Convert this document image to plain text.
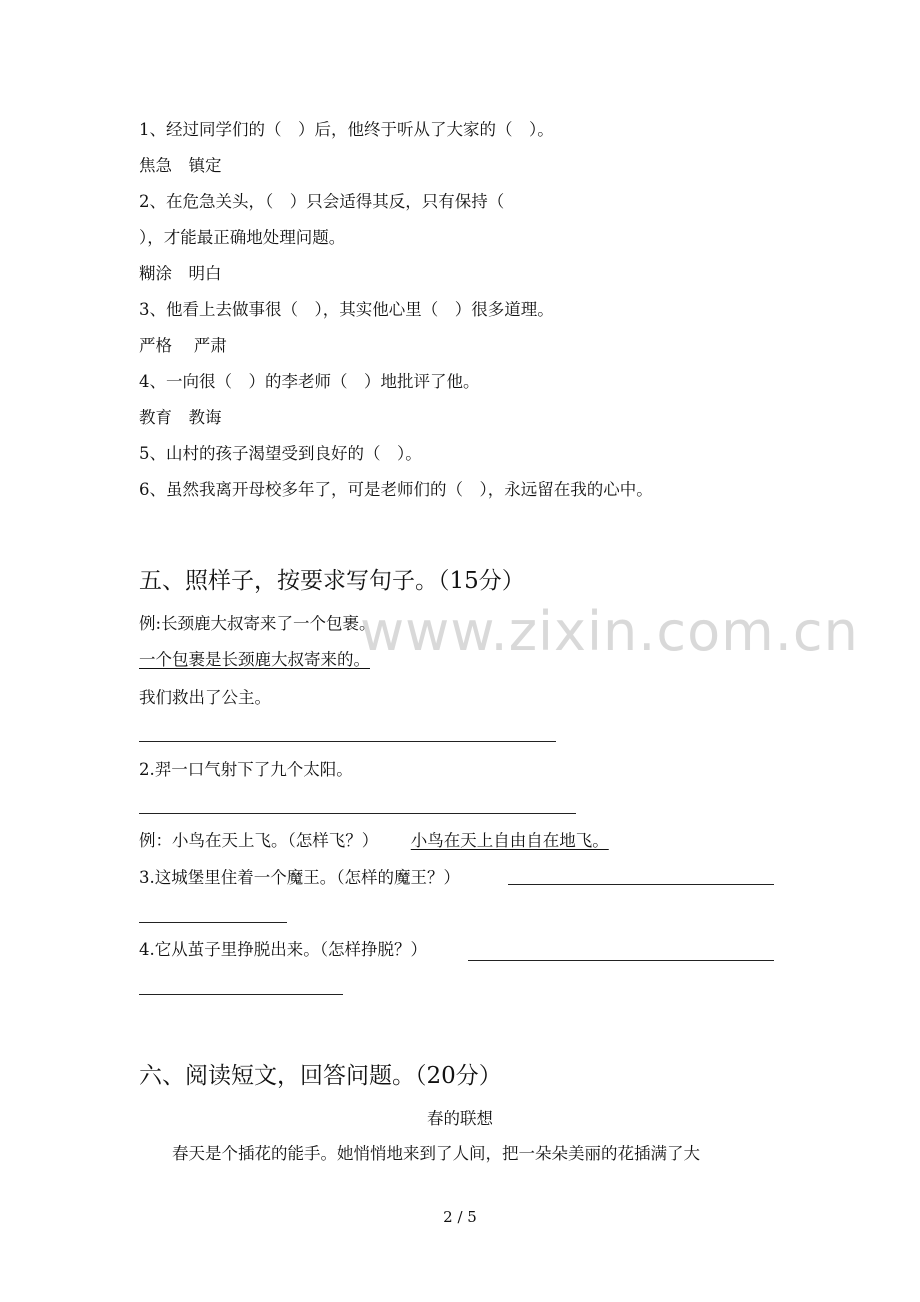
www.zixin.com.cn
1、经过同学们的（　）后，他终于听从了大家的（　）。
焦急　镇定
2、在危急关头，（　）只会适得其反，只有保持（
），才能最正确地处理问题。
糊涂　明白
3、他看上去做事很（　），其实他心里（　）很多道理。
严格　 严肃
4、一向很（　）的李老师（　）地批评了他。
教育　教诲
5、山村的孩子渴望受到良好的（　）。
6、虽然我离开母校多年了，可是老师们的（　），永远留在我的心中。
五、照样子，按要求写句子。（15分）
例:长颈鹿大叔寄来了一个包裹。
一个包裹是长颈鹿大叔寄来的。
我们救出了公主。
2.羿一口气射下了九个太阳。
例：小鸟在天上飞。（怎样飞？） 小鸟在天上自由自在地飞。
3.这城堡里住着一个魔王。（怎样的魔王？）
4.它从茧子里挣脱出来。（怎样挣脱？）
六、阅读短文，回答问题。（20分）
春的联想
春天是个插花的能手。她悄悄地来到了人间，把一朵朵美丽的花插满了大
2 / 5
